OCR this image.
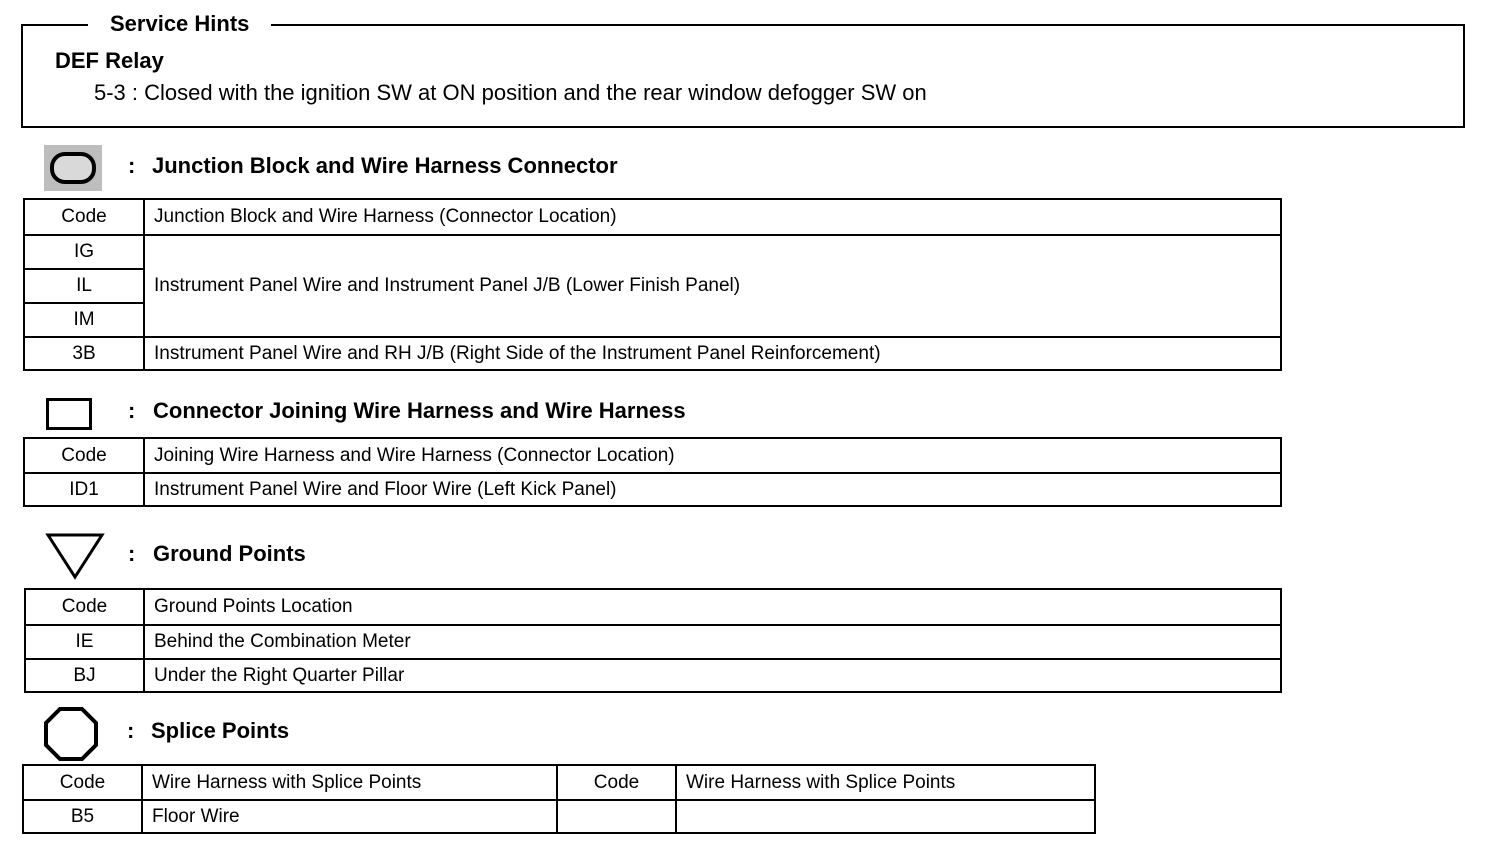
Service Hints
DEF Relay
5-3 : Closed with the ignition SW at ON position and the rear window defogger SW on
: Junction Block and Wire Harness Connector
Code	Junction Block and Wire Harness (Connector Location)
IG	Instrument Panel Wire and Instrument Panel J/B (Lower Finish Panel)
IL	
IM	
3B	Instrument Panel Wire and RH J/B (Right Side of the Instrument Panel Reinforcement)
: Connector Joining Wire Harness and Wire Harness
Code	Joining Wire Harness and Wire Harness (Connector Location)
ID1	Instrument Panel Wire and Floor Wire (Left Kick Panel)
: Ground Points
Code	Ground Points Location
IE	Behind the Combination Meter
BJ	Under the Right Quarter Pillar
: Splice Points
Code	Wire Harness with Splice Points	Code	Wire Harness with Splice Points
B5	Floor Wire		
